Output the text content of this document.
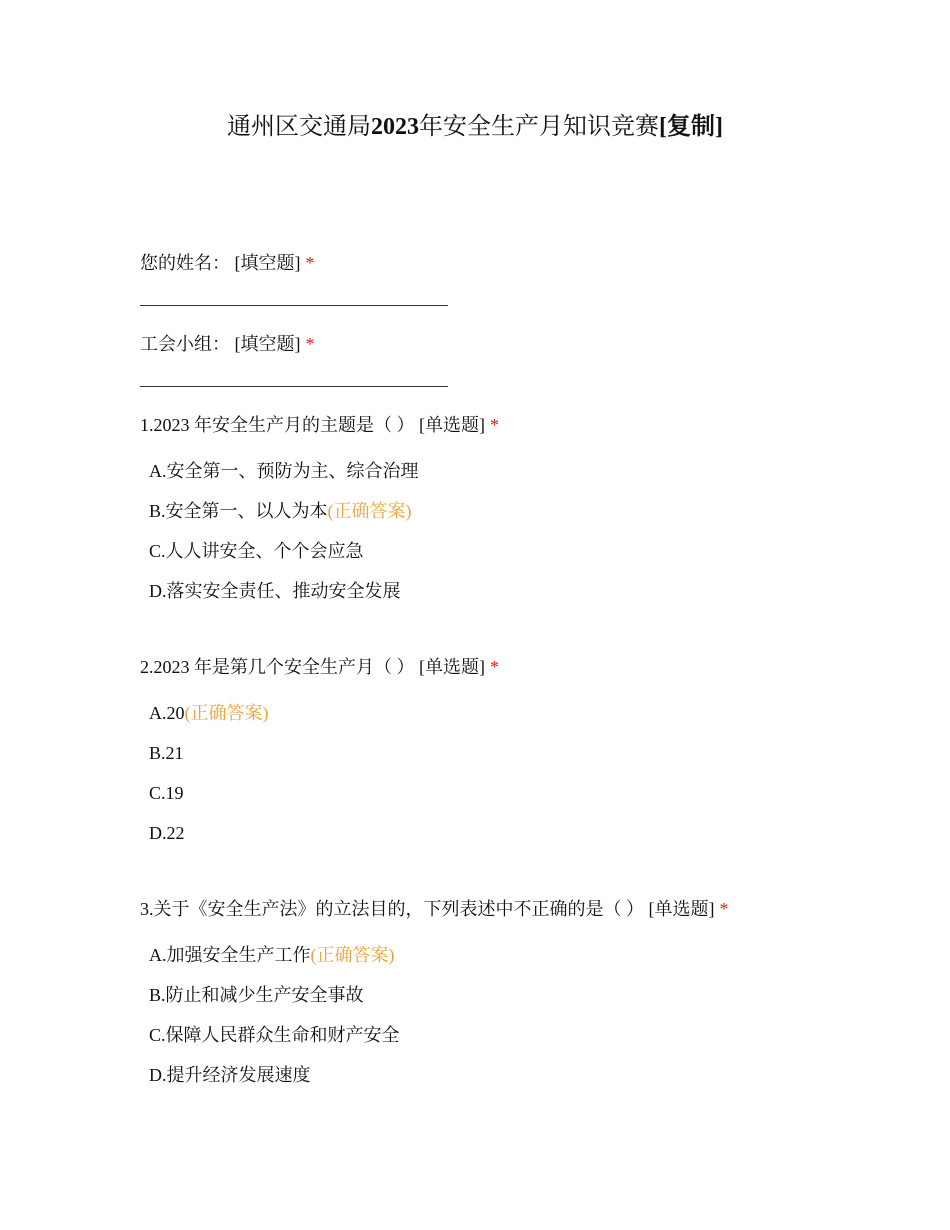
通州区交通局2023年安全生产月知识竞赛[复制]
您的姓名： [填空题] *
工会小组： [填空题] *
1.2023 年安全生产月的主题是（ ） [单选题] *
A.安全第一、预防为主、综合治理
B.安全第一、以人为本(正确答案)
C.人人讲安全、个个会应急
D.落实安全责任、推动安全发展
2.2023 年是第几个安全生产月（ ） [单选题] *
A.20(正确答案)
B.21
C.19
D.22
3.关于《安全生产法》的立法目的，下列表述中不正确的是（ ） [单选题] *
A.加强安全生产工作(正确答案)
B.防止和减少生产安全事故
C.保障人民群众生命和财产安全
D.提升经济发展速度
